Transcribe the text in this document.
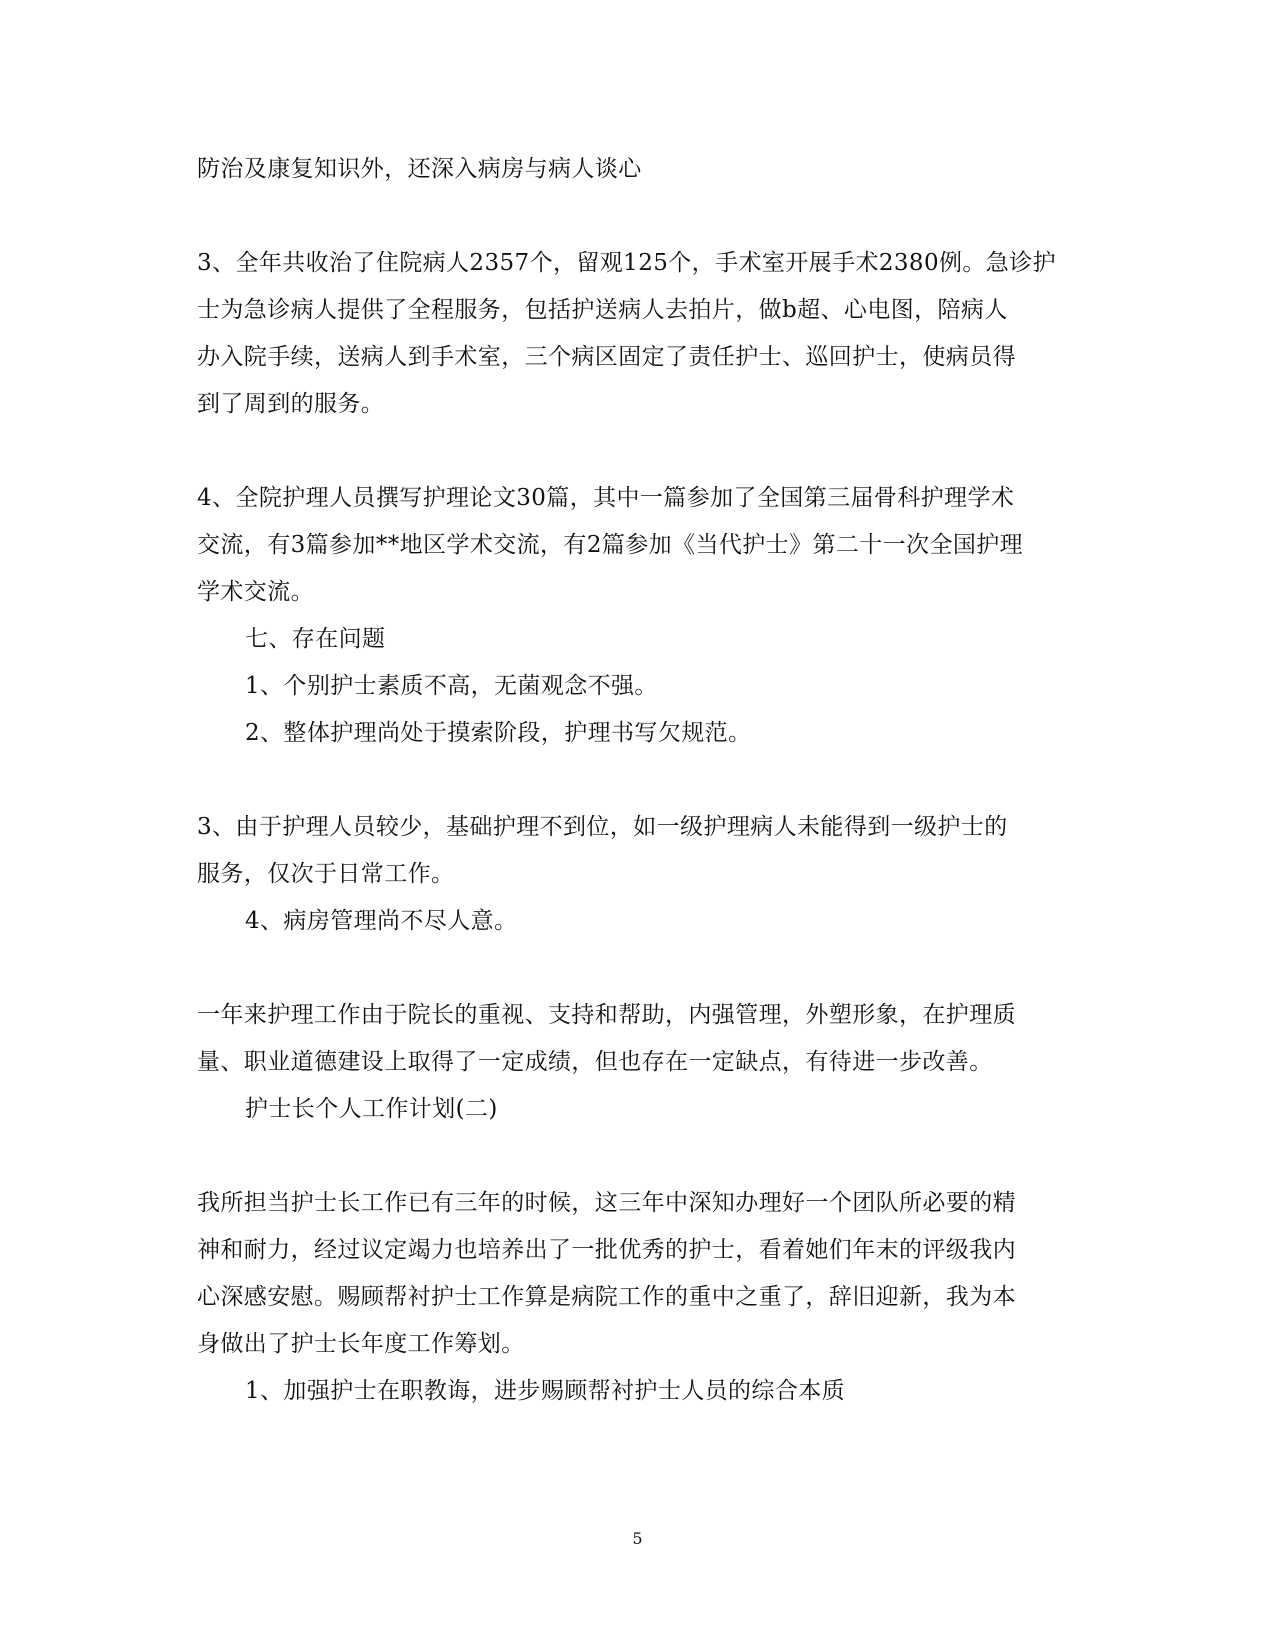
防治及康复知识外，还深入病房与病人谈心
3、全年共收治了住院病人2357个，留观125个，手术室开展手术2380例。急诊护
士为急诊病人提供了全程服务，包括护送病人去拍片，做b超、心电图，陪病人
办入院手续，送病人到手术室，三个病区固定了责任护士、巡回护士，使病员得
到了周到的服务。
4、全院护理人员撰写护理论文30篇，其中一篇参加了全国第三届骨科护理学术
交流，有3篇参加**地区学术交流，有2篇参加《当代护士》第二十一次全国护理
学术交流。
七、存在问题
1、个别护士素质不高，无菌观念不强。
2、整体护理尚处于摸索阶段，护理书写欠规范。
3、由于护理人员较少，基础护理不到位，如一级护理病人未能得到一级护士的
服务，仅次于日常工作。
4、病房管理尚不尽人意。
一年来护理工作由于院长的重视、支持和帮助，内强管理，外塑形象，在护理质
量、职业道德建设上取得了一定成绩，但也存在一定缺点，有待进一步改善。
护士长个人工作计划(二)
我所担当护士长工作已有三年的时候，这三年中深知办理好一个团队所必要的精
神和耐力，经过议定竭力也培养出了一批优秀的护士，看着她们年末的评级我内
心深感安慰。赐顾帮衬护士工作算是病院工作的重中之重了，辞旧迎新，我为本
身做出了护士长年度工作筹划。
1、加强护士在职教诲，进步赐顾帮衬护士人员的综合本质
5
